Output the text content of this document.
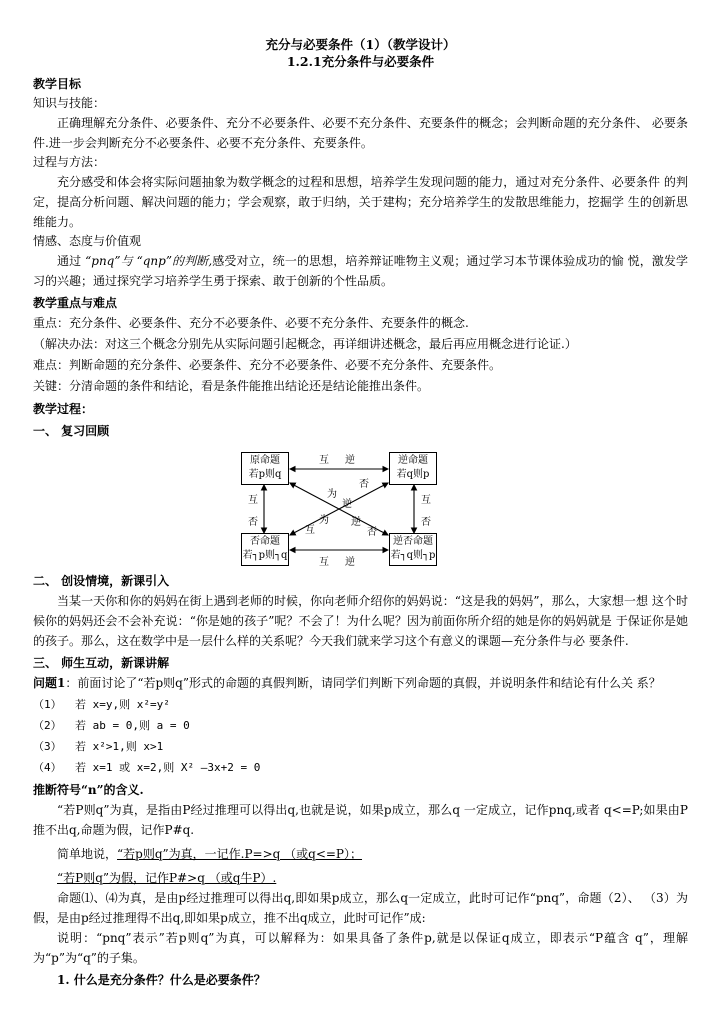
充分与必要条件（1）（教学设计）
1.2.1充分条件与必要条件
教学目标
知识与技能：
正确理解充分条件、必要条件、充分不必要条件、必要不充分条件、充要条件的概念；会判断命题的充分条件、 必要条件.进一步会判断充分不必要条件、必要不充分条件、充要条件。
过程与方法：
充分感受和体会将实际问题抽象为数学概念的过程和思想，培养学生发现问题的能力，通过对充分条件、必要条件 的判定，提高分析问题、解决问题的能力；学会观察，敢于归纳，关于建构；充分培养学生的发散思维能力，挖掘学 生的创新思维能力。
情感、态度与价值观
通过 “pnq”与 “qnp”的判断,感受对立，统一的思想，培养辩证唯物主义观；通过学习本节课体验成功的愉 悦，激发学习的兴趣；通过探究学习培养学生勇于探索、敢于创新的个性品质。
教学重点与难点
重点：充分条件、必要条件、充分不必要条件、必要不充分条件、充要条件的概念.
（解决办法：对这三个概念分别先从实际问题引起概念，再详细讲述概念，最后再应用概念进行论证.）
难点：判断命题的充分条件、必要条件、充分不必要条件、必要不充分条件、充要条件。
关键：分清命题的条件和结论，看是条件能推出结论还是结论能推出条件。
教学过程：
一、 复习回顾
原命题
若p则q
逆命题
若q则p
否命题
若┐p则┐q
逆否命题
若┐q则┐p
互 逆
互 逆
互
否
互
否
为
逆
否
互
为 逆
否
二、 创设情境，新课引入
当某一天你和你的妈妈在街上遇到老师的时候，你向老师介绍你的妈妈说：“这是我的妈妈”，那么，大家想一想 这个时候你的妈妈还会不会补充说：“你是她的孩子”呢？不会了！为什么呢？因为前面你所介绍的她是你的妈妈就是 于保证你是她的孩子。那么，这在数学中是一层什么样的关系呢？今天我们就来学习这个有意义的课题—充分条件与必 要条件.
三、 师生互动，新课讲解
问题1：前面讨论了“若p则q”形式的命题的真假判断，请同学们判断下列命题的真假，并说明条件和结论有什么关 系？
（1） 若 x=y,则 x²=y²
（2） 若 ab = 0,则 a = 0
（3） 若 x²>1,则 x>1
（4） 若 x=1 或 x=2,则 X² —3x+2 = 0
推断符号“n”的含义.
“若P则q”为真，是指由P经过推理可以得出q,也就是说，如果p成立，那么q 一定成立，记作pnq,或者 q<=P;如果由P推不出q,命题为假，记作P#q.
简单地说，“若p则q”为真，一记作.P=>q （或q<=P）；
“若P则q”为假，记作P#>q （或q牛P）.
命题⑴、⑷为真，是由p经过推理可以得出q,即如果p成立，那么q一定成立，此时可记作“pnq”，命题（2）、 （3）为假，是由p经过推理得不出q,即如果p成立，推不出q成立，此时可记作”成:
说明：“pnq”表示”若p则q”为真，可以解释为：如果具备了条件p,就是以保证q成立，即表示“P蕴含 q”，理解为“p”为“q”的子集。
1. 什么是充分条件？什么是必要条件？
